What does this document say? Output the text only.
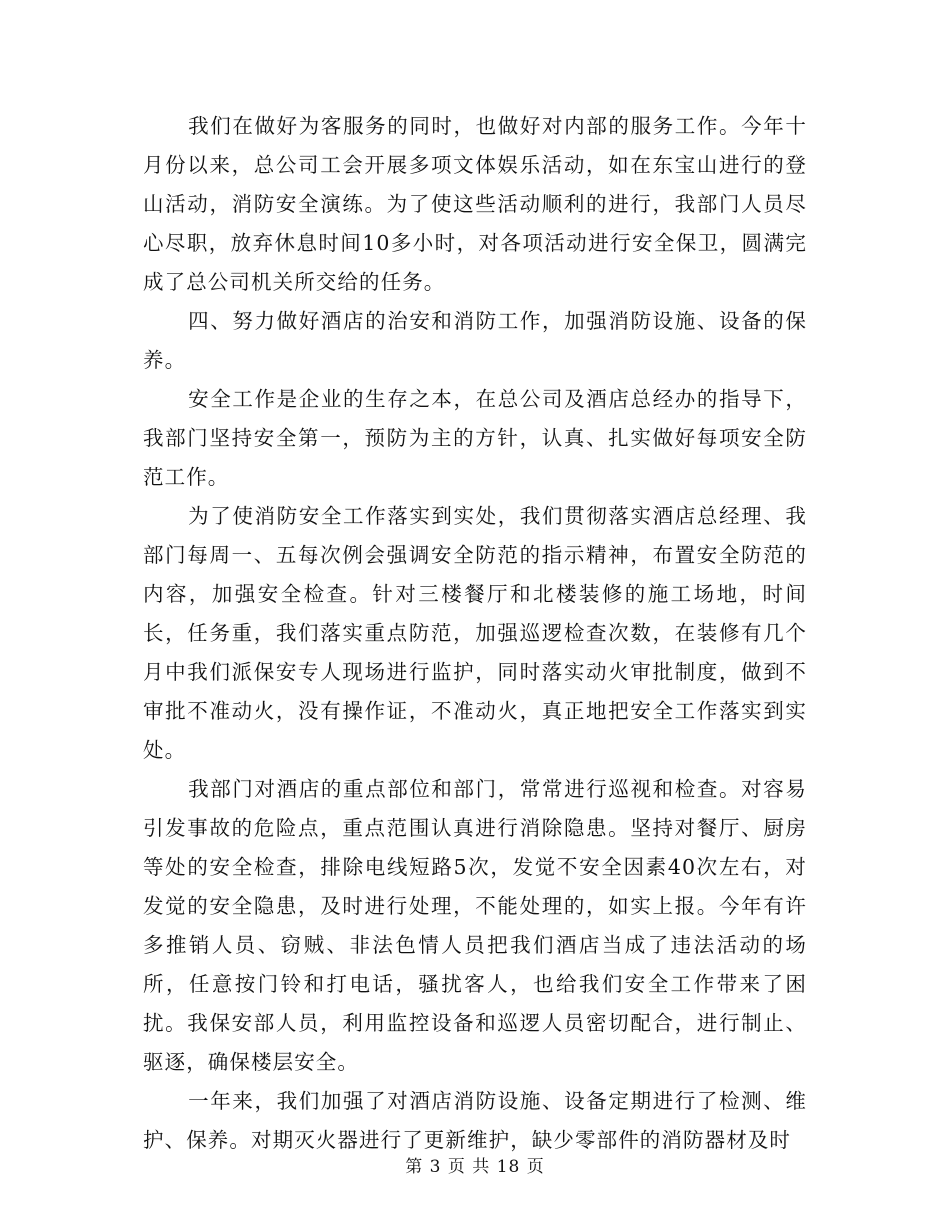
我们在做好为客服务的同时，也做好对内部的服务工作。今年十月份以来，总公司工会开展多项文体娱乐活动，如在东宝山进行的登山活动，消防安全演练。为了使这些活动顺利的进行，我部门人员尽心尽职，放弃休息时间10多小时，对各项活动进行安全保卫，圆满完成了总公司机关所交给的任务。

四、努力做好酒店的治安和消防工作，加强消防设施、设备的保养。

安全工作是企业的生存之本，在总公司及酒店总经办的指导下，我部门坚持安全第一，预防为主的方针，认真、扎实做好每项安全防范工作。

为了使消防安全工作落实到实处，我们贯彻落实酒店总经理、我部门每周一、五每次例会强调安全防范的指示精神，布置安全防范的内容，加强安全检查。针对三楼餐厅和北楼装修的施工场地，时间长，任务重，我们落实重点防范，加强巡逻检查次数，在装修有几个月中我们派保安专人现场进行监护，同时落实动火审批制度，做到不审批不准动火，没有操作证，不准动火，真正地把安全工作落实到实处。

我部门对酒店的重点部位和部门，常常进行巡视和检查。对容易引发事故的危险点，重点范围认真进行消除隐患。坚持对餐厅、厨房等处的安全检查，排除电线短路5次，发觉不安全因素40次左右，对发觉的安全隐患，及时进行处理，不能处理的，如实上报。今年有许多推销人员、窃贼、非法色情人员把我们酒店当成了违法活动的场所，任意按门铃和打电话，骚扰客人，也给我们安全工作带来了困扰。我保安部人员，利用监控设备和巡逻人员密切配合，进行制止、驱逐，确保楼层安全。

一年来，我们加强了对酒店消防设施、设备定期进行了检测、维护、保养。对期灭火器进行了更新维护，缺少零部件的消防器材及时

第 3 页 共 18 页
